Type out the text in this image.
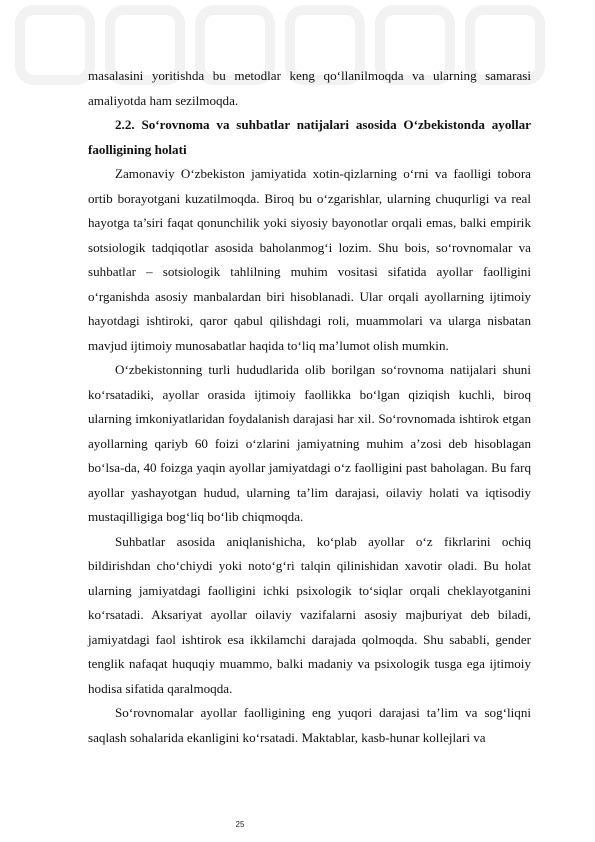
masalasini yoritishda bu metodlar keng qo‘llanilmoqda va ularning samarasi amaliyotda ham sezilmoqda.

2.2. So‘rovnoma va suhbatlar natijalari asosida O‘zbekistonda ayollar faolligining holati

Zamonaviy O‘zbekiston jamiyatida xotin-qizlarning o‘rni va faolligi tobora ortib borayotgani kuzatilmoqda. Biroq bu o‘zgarishlar, ularning chuqurligi va real hayotga ta’siri faqat qonunchilik yoki siyosiy bayonotlar orqali emas, balki empirik sotsiologik tadqiqotlar asosida baholanmog‘i lozim. Shu bois, so‘rovnomalar va suhbatlar – sotsiologik tahlilning muhim vositasi sifatida ayollar faolligini o‘rganishda asosiy manbalardan biri hisoblanadi. Ular orqali ayollarning ijtimoiy hayotdagi ishtiroki, qaror qabul qilishdagi roli, muammolari va ularga nisbatan mavjud ijtimoiy munosabatlar haqida to‘liq ma’lumot olish mumkin.

O‘zbekistonning turli hududlarida olib borilgan so‘rovnoma natijalari shuni ko‘rsatadiki, ayollar orasida ijtimoiy faollikka bo‘lgan qiziqish kuchli, biroq ularning imkoniyatlaridan foydalanish darajasi har xil. So‘rovnomada ishtirok etgan ayollarning qariyb 60 foizi o‘zlarini jamiyatning muhim a’zosi deb hisoblagan bo‘lsa-da, 40 foizga yaqin ayollar jamiyatdagi o‘z faolligini past baholagan. Bu farq ayollar yashayotgan hudud, ularning ta’lim darajasi, oilaviy holati va iqtisodiy mustaqilligiga bog‘liq bo‘lib chiqmoqda.

Suhbatlar asosida aniqlanishicha, ko‘plab ayollar o‘z fikrlarini ochiq bildirishdan cho‘chiydi yoki noto‘g‘ri talqin qilinishidan xavotir oladi. Bu holat ularning jamiyatdagi faolligini ichki psixologik to‘siqlar orqali cheklayotganini ko‘rsatadi. Aksariyat ayollar oilaviy vazifalarni asosiy majburiyat deb biladi, jamiyatdagi faol ishtirok esa ikkilamchi darajada qolmoqda. Shu sababli, gender tenglik nafaqat huquqiy muammo, balki madaniy va psixologik tusga ega ijtimoiy hodisa sifatida qaralmoqda.

So‘rovnomalar ayollar faolligining eng yuqori darajasi ta’lim va sog‘liqni saqlash sohalarida ekanligini ko‘rsatadi. Maktablar, kasb-hunar kollejlari va

25
